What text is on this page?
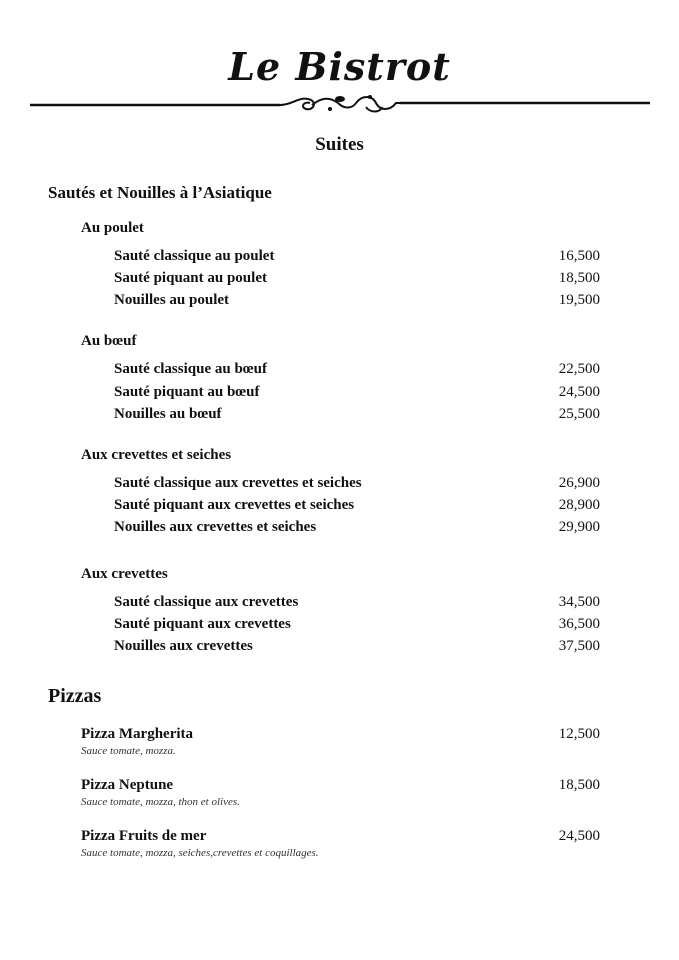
Le Bistrot
Suites
Sautés et Nouilles à l’Asiatique
Au poulet
Sauté classique au poulet	16,500
Sauté piquant au poulet	18,500
Nouilles au poulet	19,500
Au bœuf
Sauté classique au bœuf	22,500
Sauté piquant au bœuf	24,500
Nouilles au bœuf	25,500
Aux crevettes et seiches
Sauté classique aux crevettes et seiches	26,900
Sauté piquant aux crevettes et seiches	28,900
Nouilles aux crevettes et seiches	29,900
Aux crevettes
Sauté classique aux crevettes	34,500
Sauté piquant aux crevettes	36,500
Nouilles aux crevettes	37,500
Pizzas
Pizza Margherita	12,500
Sauce tomate, mozza.
Pizza Neptune	18,500
Sauce tomate, mozza, thon et olives.
Pizza Fruits de mer	24,500
Sauce tomate, mozza, seiches,crevettes et coquillages.
